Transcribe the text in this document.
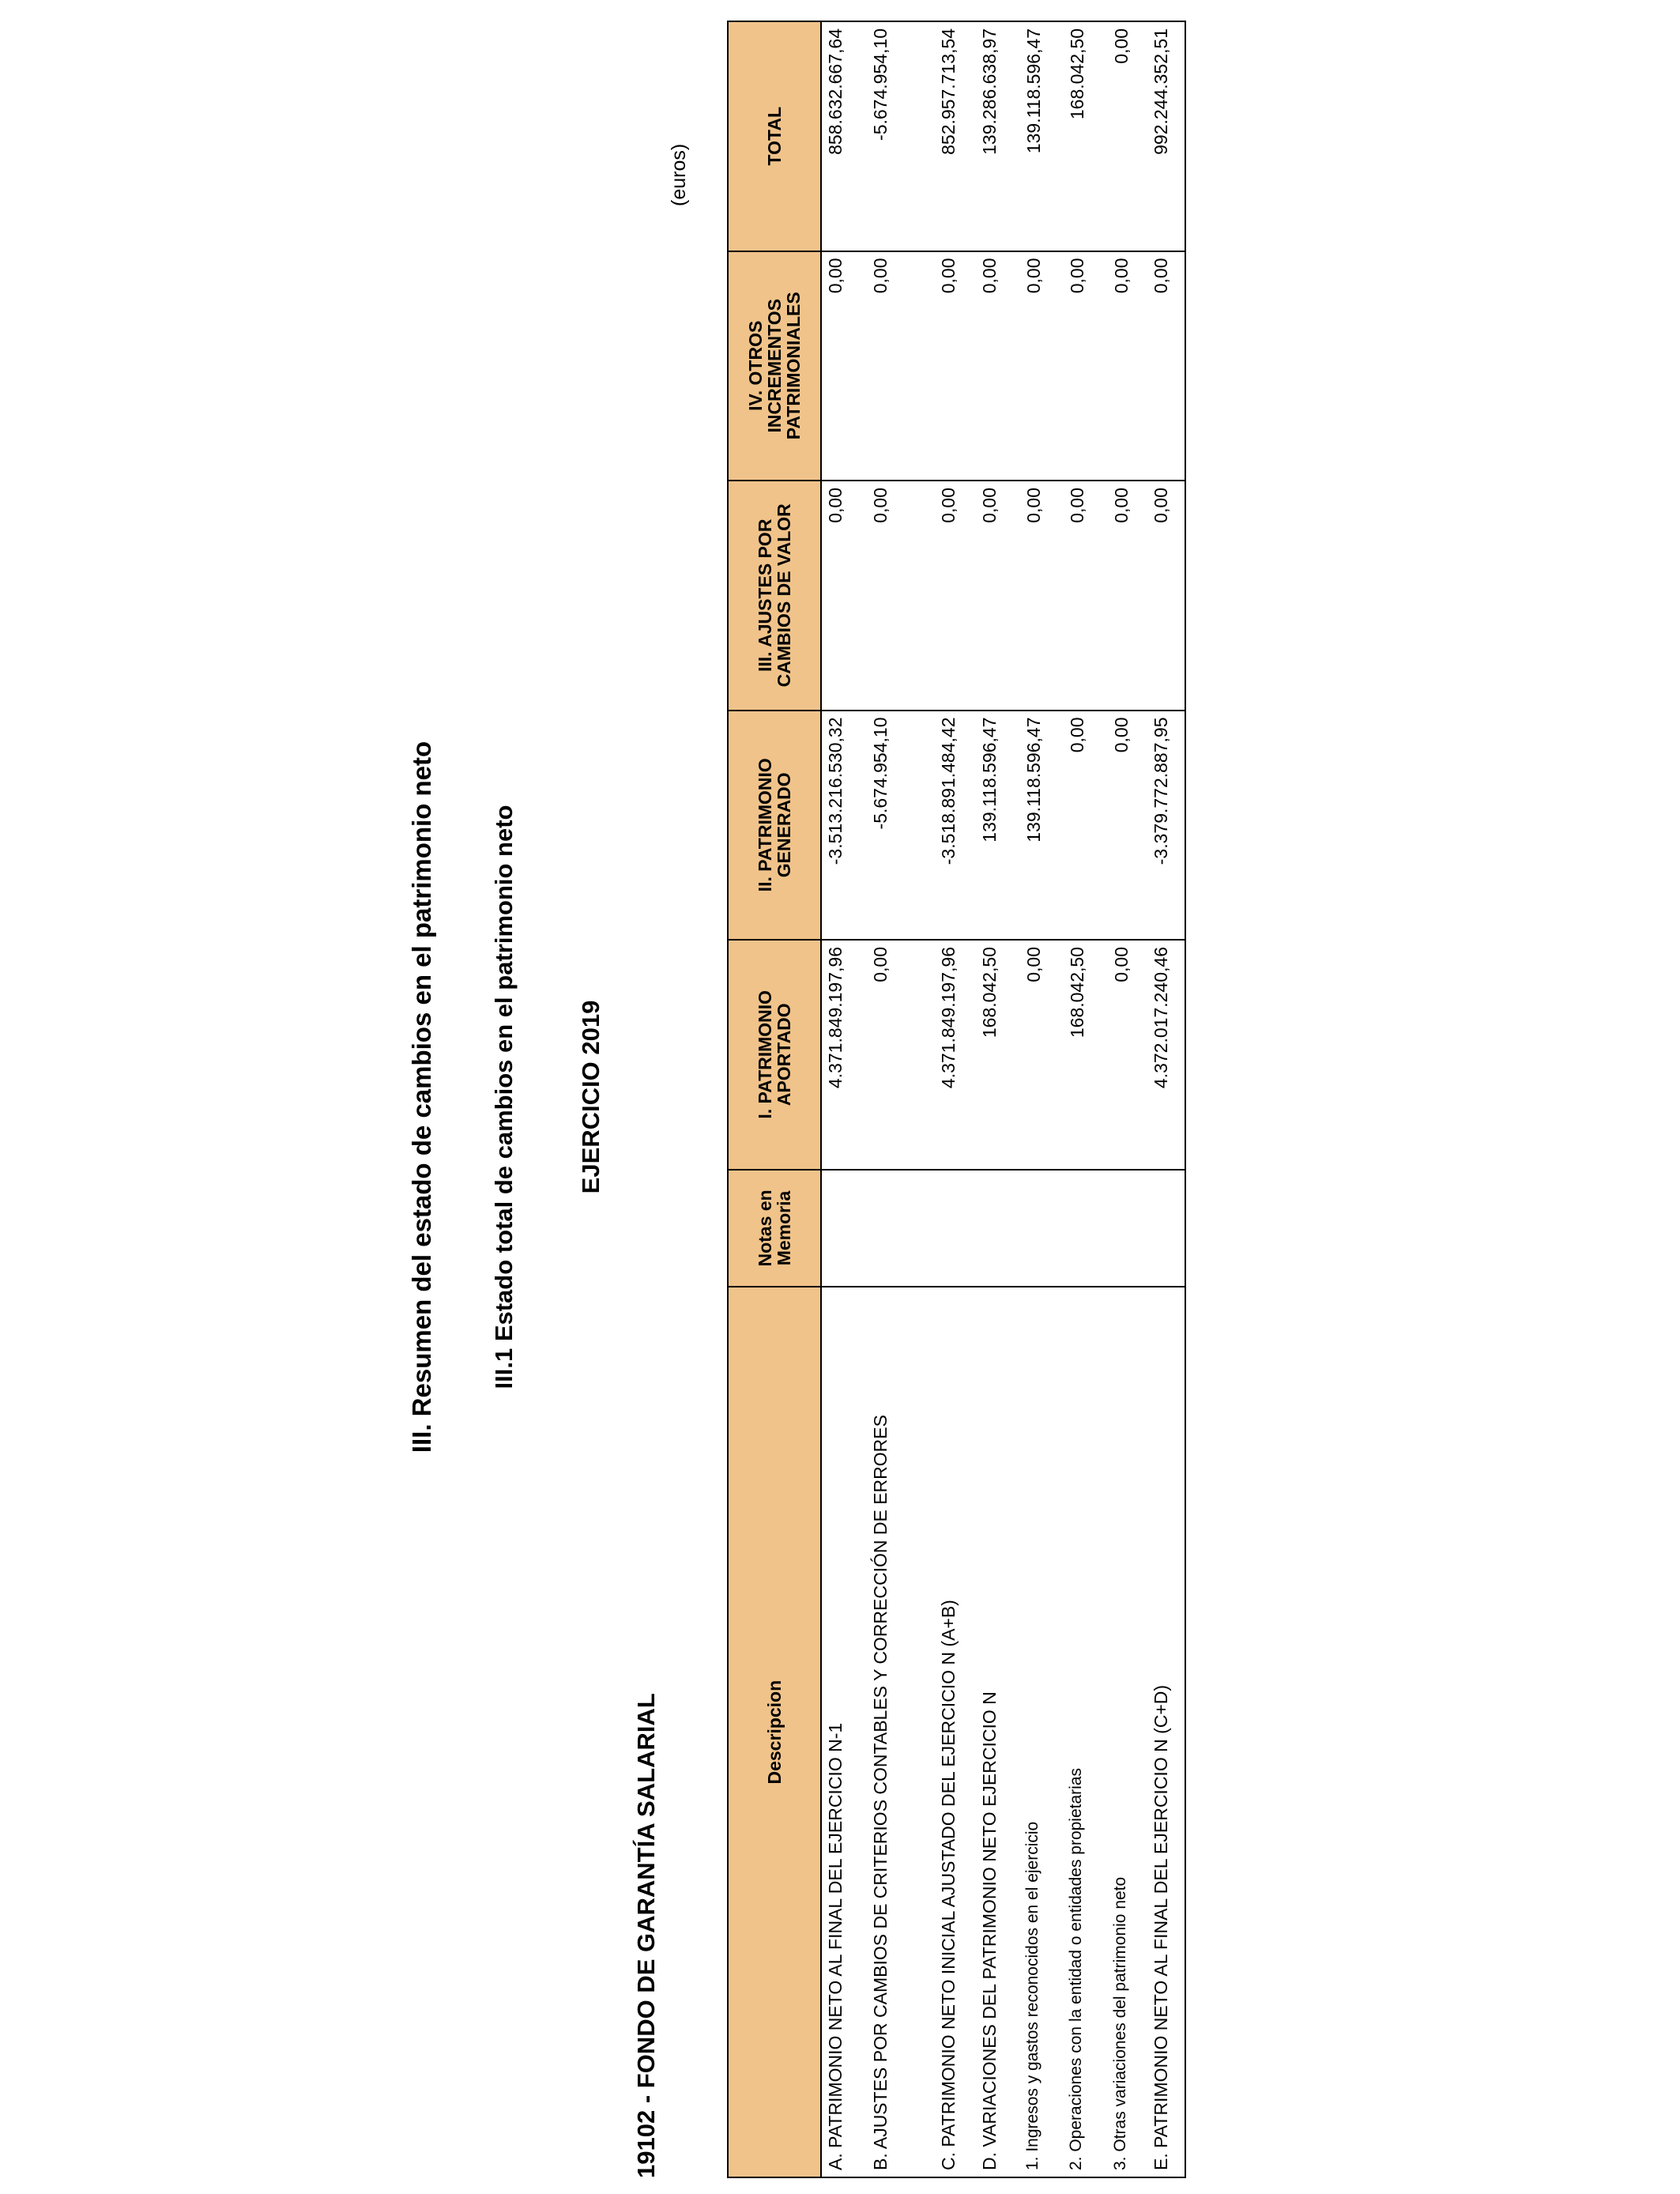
III. Resumen del estado de cambios en el patrimonio neto III.1 Estado total de cambios en el patrimonio neto EJERCICIO 2019
19102 - FONDO DE GARANTÍA SALARIAL
(euros)
Descripcion	Notas en Memoria	I. PATRIMONIO APORTADO	II. PATRIMONIO GENERADO	III. AJUSTES POR CAMBIOS DE VALOR	IV. OTROS INCREMENTOS PATRIMONIALES	TOTAL
A. PATRIMONIO NETO AL FINAL DEL EJERCICIO N-1		4.371.849.197,96	-3.513.216.530,32	0,00	0,00	858.632.667,64
B. AJUSTES POR CAMBIOS DE CRITERIOS CONTABLES Y CORRECCIÓN DE ERRORES		0,00	-5.674.954,10	0,00	0,00	-5.674.954,10
C. PATRIMONIO NETO INICIAL AJUSTADO DEL EJERCICIO N (A+B)		4.371.849.197,96	-3.518.891.484,42	0,00	0,00	852.957.713,54
D. VARIACIONES DEL PATRIMONIO NETO EJERCICIO N		168.042,50	139.118.596,47	0,00	0,00	139.286.638,97
1. Ingresos y gastos reconocidos en el ejercicio		0,00	139.118.596,47	0,00	0,00	139.118.596,47
2. Operaciones con la entidad o entidades propietarias		168.042,50	0,00	0,00	0,00	168.042,50
3. Otras variaciones del patrimonio neto		0,00	0,00	0,00	0,00	0,00
E. PATRIMONIO NETO AL FINAL DEL EJERCICIO N (C+D)		4.372.017.240,46	-3.379.772.887,95	0,00	0,00	992.244.352,51
